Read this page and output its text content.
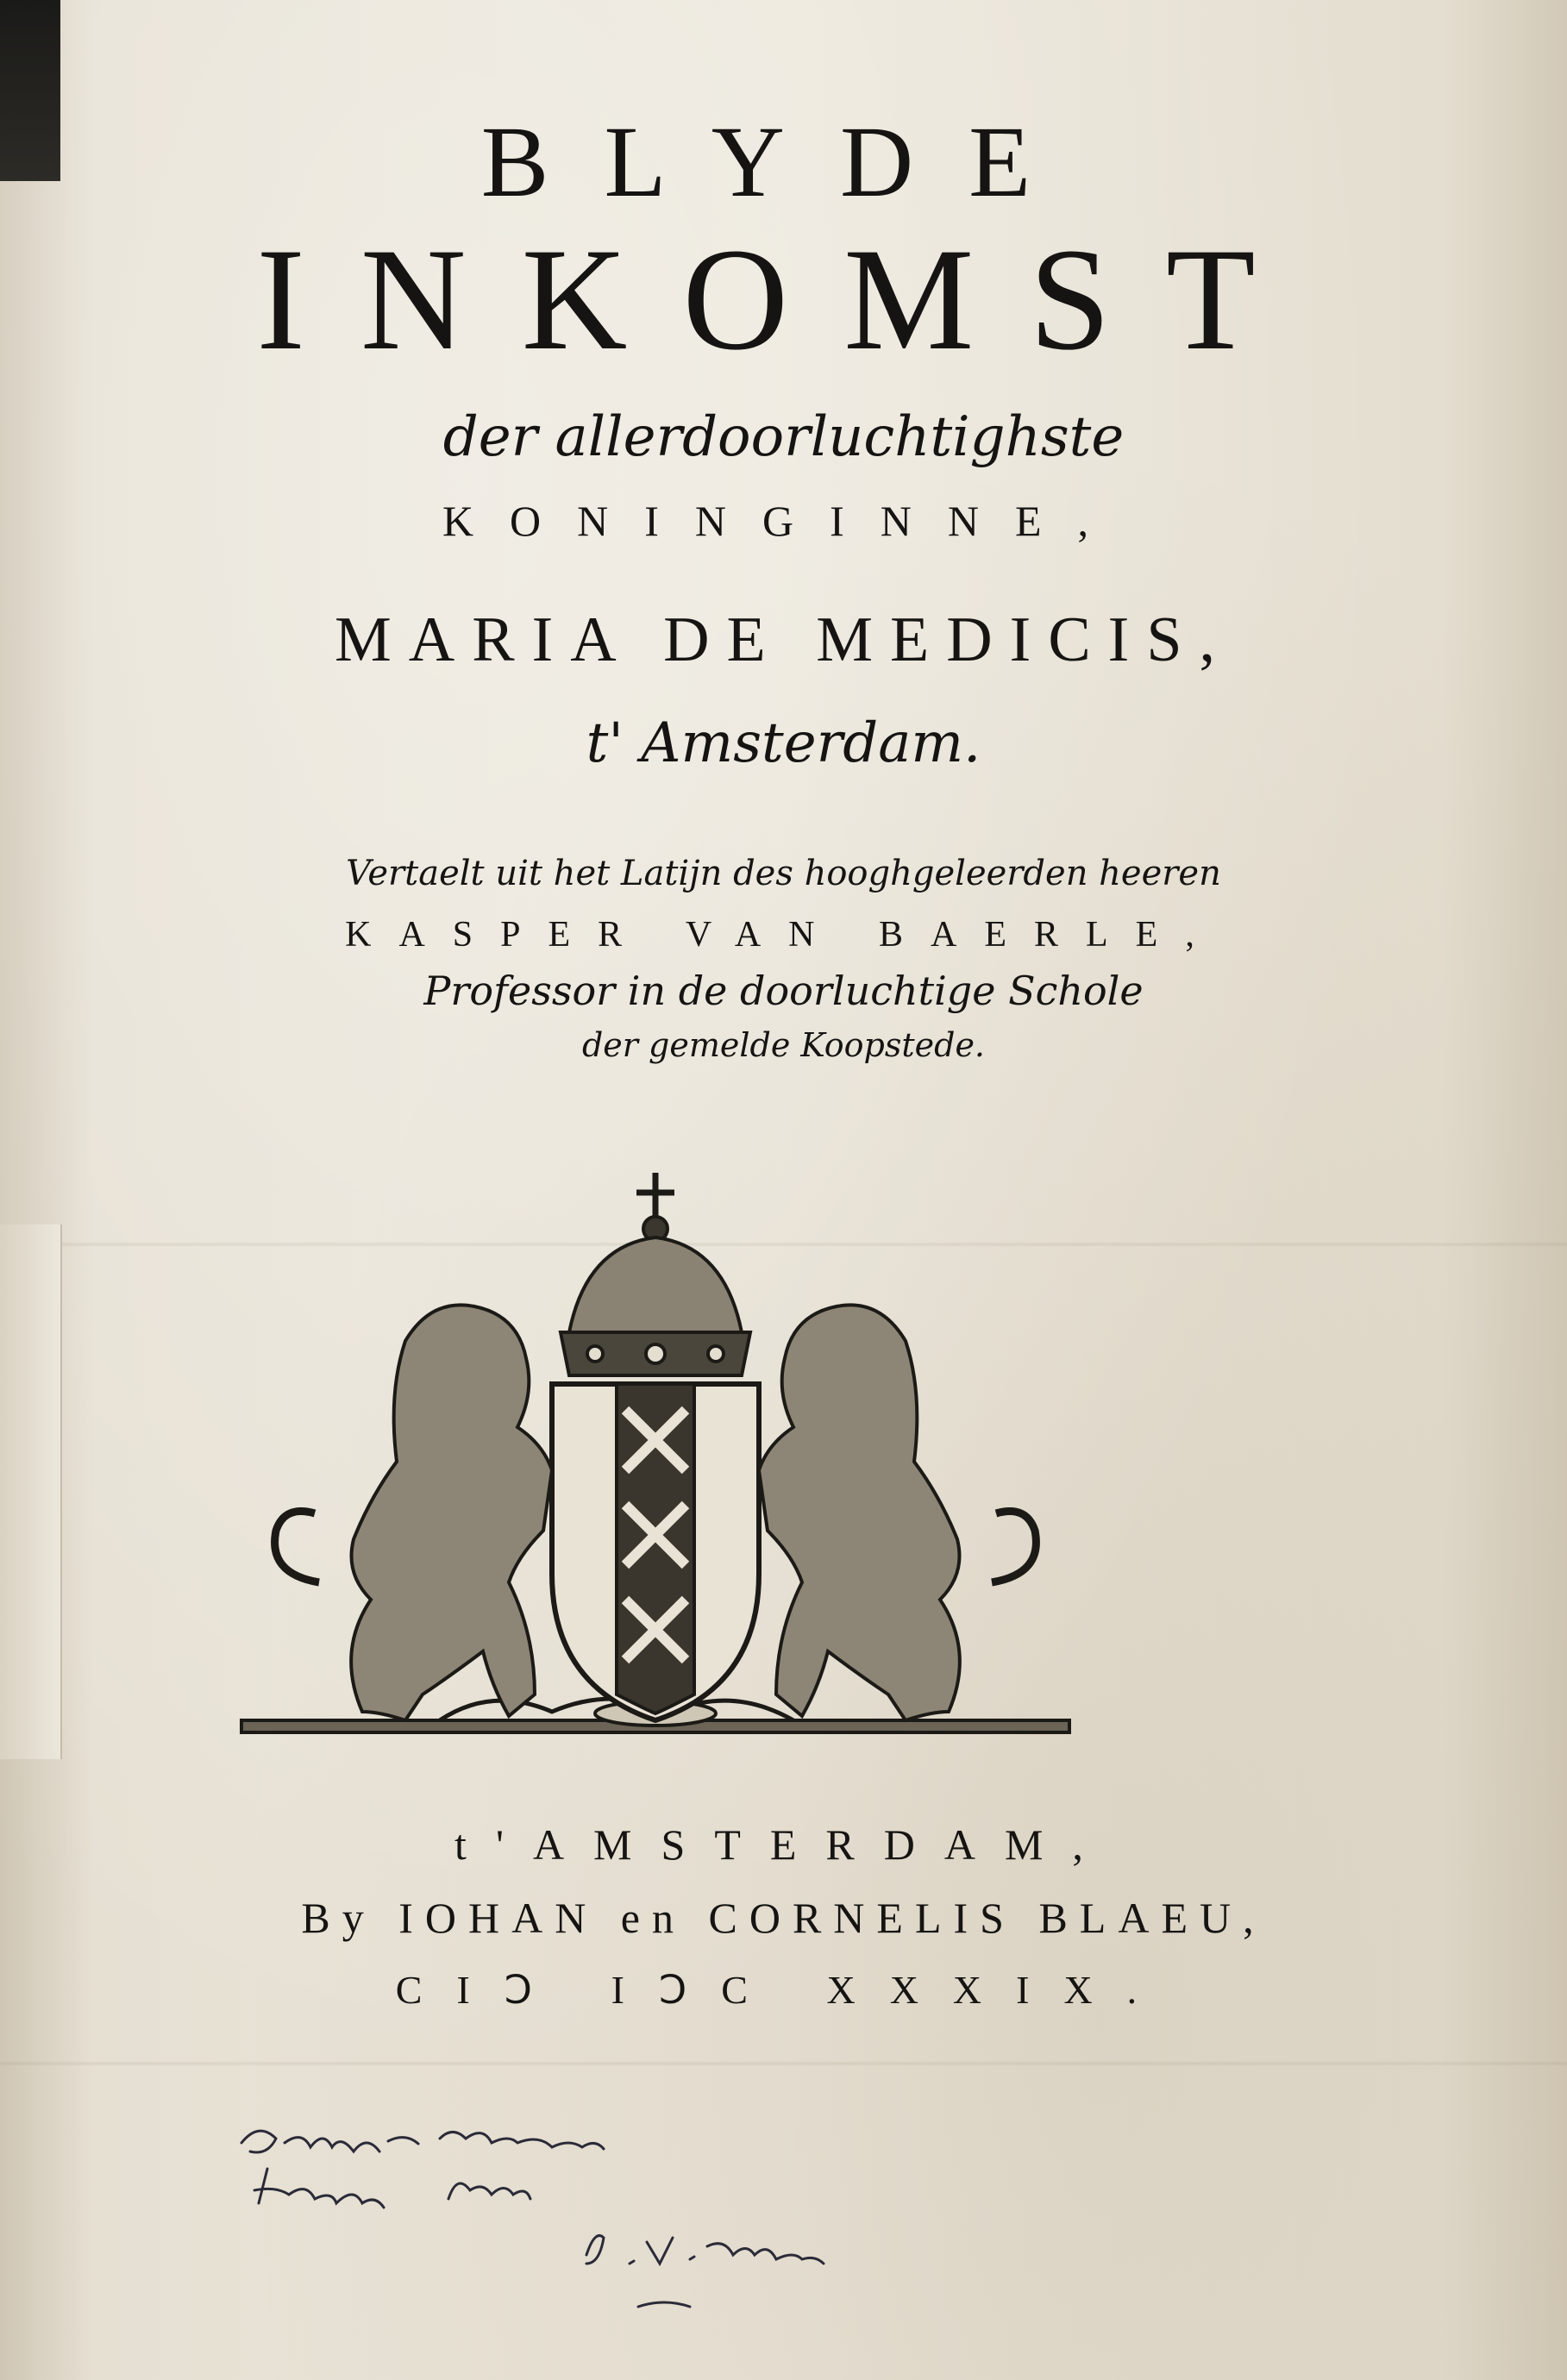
BLYDE
INKOMST
der allerdoorluchtighste
KONINGINNE,
MARIA DE MEDICIS,
t' Amsterdam.
Vertaelt uit het Latijn des hooghgeleerden heeren
KASPER VAN BAERLE,
Professor in de doorluchtige Schole
der gemelde Koopstede.
t'AMSTERDAM,
By IOHAN en CORNELIS BLAEU,
CIↃ IↃC XXXIX.
